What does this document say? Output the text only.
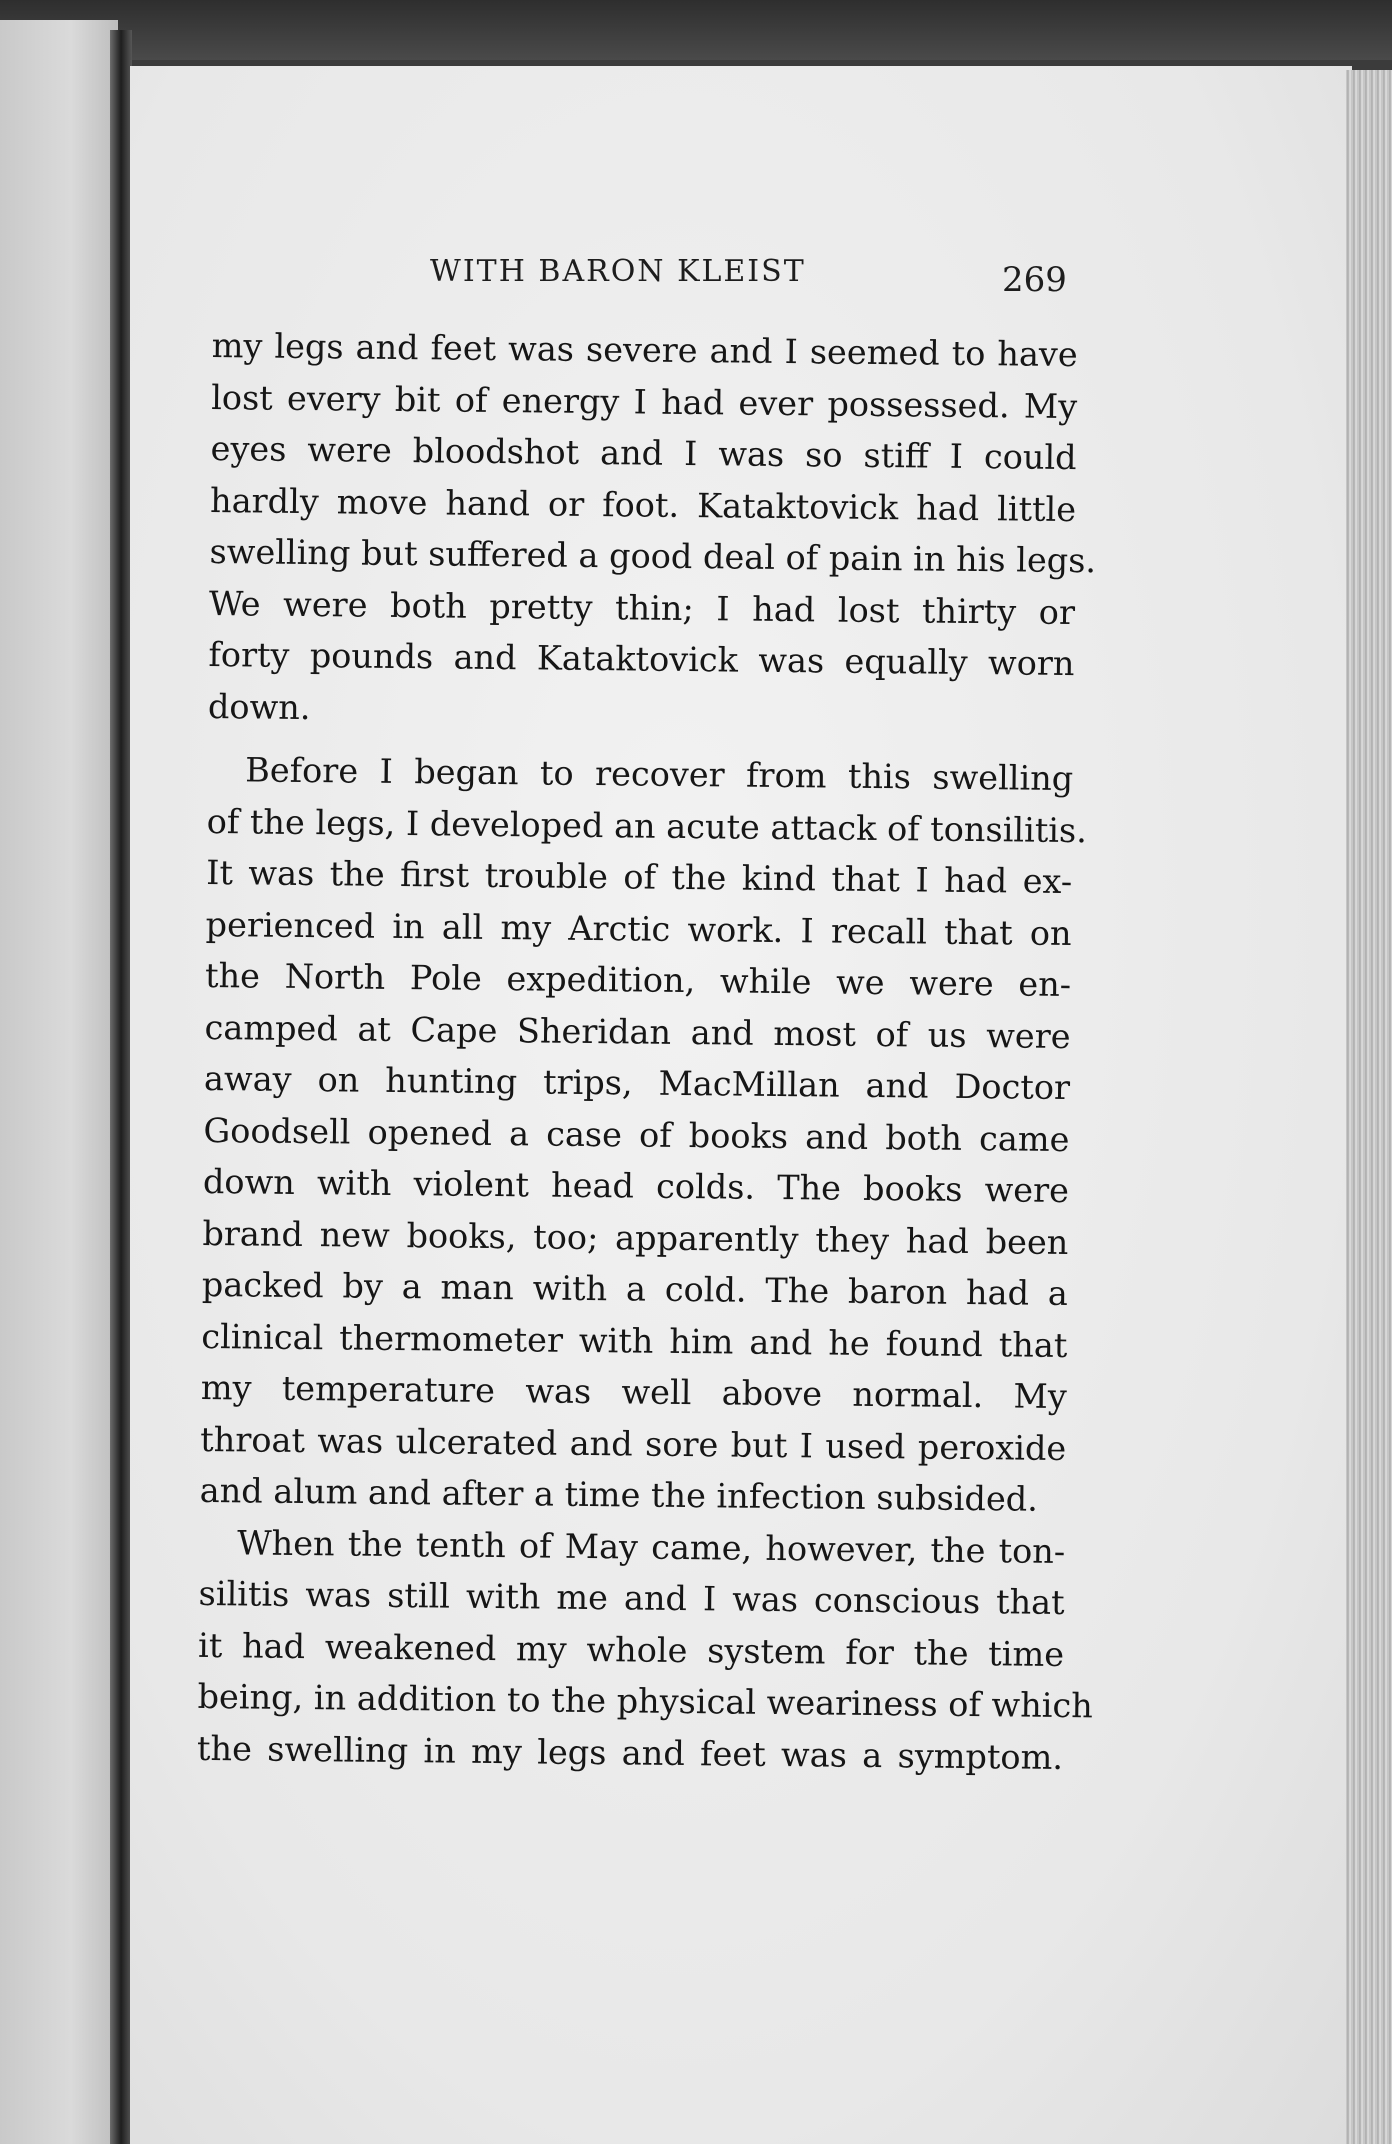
WITH BARON KLEIST	269
my legs and feet was severe and I seemed to have
lost every bit of energy I had ever possessed. My
eyes were bloodshot and I was so stiff I could
hardly move hand or foot. Kataktovick had little
swelling but suffered a good deal of pain in his legs.
We were both pretty thin; I had lost thirty or
forty pounds and Kataktovick was equally worn
down.
Before I began to recover from this swelling
of the legs, I developed an acute attack of tonsilitis.
It was the first trouble of the kind that I had ex-
perienced in all my Arctic work. I recall that on
the North Pole expedition, while we were en-
camped at Cape Sheridan and most of us were
away on hunting trips, MacMillan and Doctor
Goodsell opened a case of books and both came
down with violent head colds. The books were
brand new books, too; apparently they had been
packed by a man with a cold. The baron had a
clinical thermometer with him and he found that
my temperature was well above normal. My
throat was ulcerated and sore but I used peroxide
and alum and after a time the infection subsided.
When the tenth of May came, however, the ton-
silitis was still with me and I was conscious that
it had weakened my whole system for the time
being, in addition to the physical weariness of which
the swelling in my legs and feet was a symptom.
